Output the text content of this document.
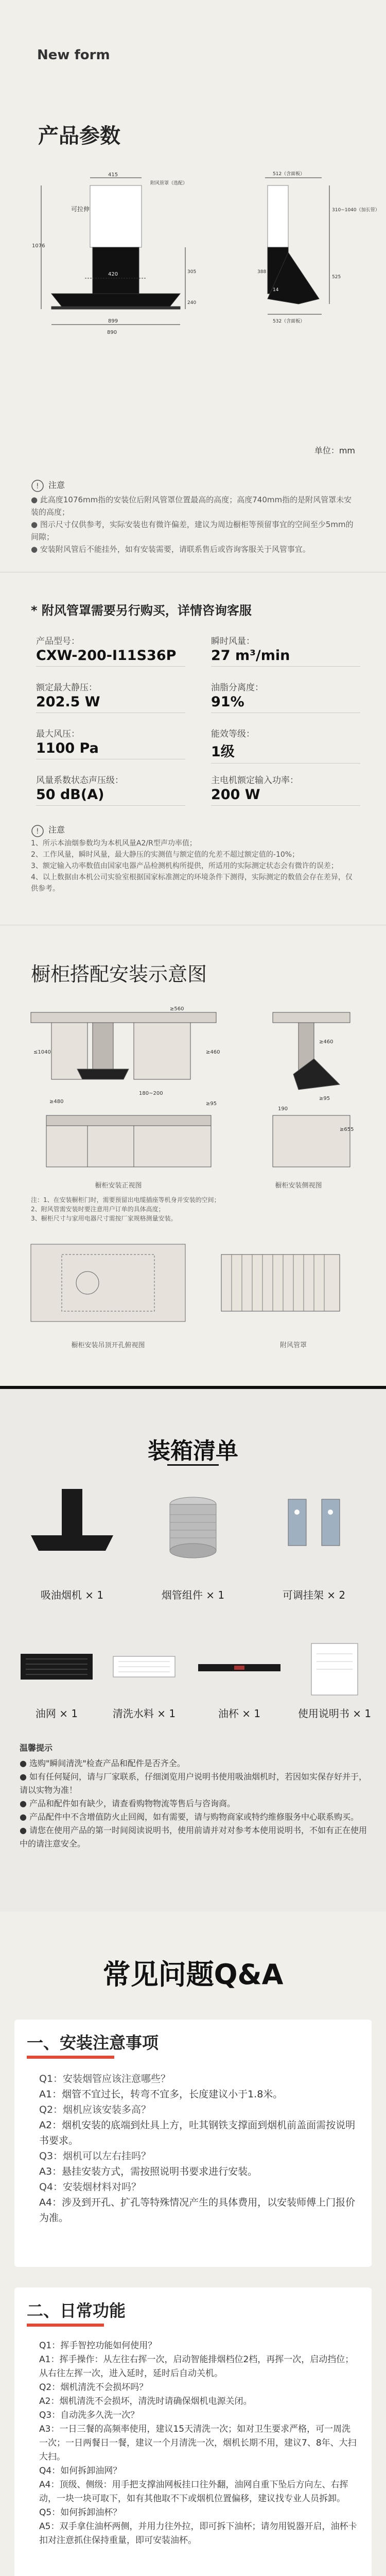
New form
产品参数
415
附风管罩（选配）
可拉伸
1076
420
899
890
305
240
512（含面板）
310~1040（加长管）
525
532（含面板）
388
14
单位：mm
! 注意
● 此高度1076mm指的安装位后附风管罩位置最高的高度；高度740mm指的是附风管罩未安装的高度；
● 图示尺寸仅供参考，实际安装也有微许偏差，建议为周边橱柜等预留事宜的空间至少5mm的间隙；
● 安装附风管后不能挂外，如有安装需要，请联系售后或咨询客服关于风管事宜。
* 附风管罩需要另行购买，详情咨询客服
产品型号：
CXW-200-I11S36P
瞬时风量：
27 m³/min
额定最大静压：
202.5 W
油脂分离度：
91%
最大风压：
1100 Pa
能效等级：
1级
风量系数状态声压级：
50 dB(A)
主电机额定输入功率：
200 W
! 注意
1、所示本油烟参数均为本机风量A2/R型声功率值；
2、工作风量，瞬时风量，最大静压的实测值与额定值的允差不超过额定值的-10%；
3、额定输入功率数值由国家电器产品检测机构所提供，所适用的实际测定状态会有微许的误差；
4、以上数据由本机公司实验室根据国家标准测定的环境条件下测得，实际测定的数值会存在差异，仅供参考。
橱柜搭配安装示意图
≥480
≥560
≤1040
180~200
≥460
≥95
≥460
≥95
≥655
190
橱柜安装正视图	橱柜安装侧视图
注：1、在安装橱柜门时，需要预留出电缆插座等机身并安装的空间；
2、附风管需安装时要注意用户订单的具体高度；
3、橱柜尺寸与家用电器尺寸需按厂家规格测量安装。
橱柜安装吊顶开孔俯视图	附风管罩
装箱清单
吸油烟机 × 1	烟管组件 × 1	可调挂架 × 2
油网 × 1	清洗水料 × 1	油杯 × 1	使用说明书 × 1
温馨提示
● 选购"瞬间清洗"检查产品和配件是否齐全。
● 如有任何疑问，请与厂家联系，仔细浏览用户说明书使用吸油烟机时，若因如实保存好并于，请以实物为准！
● 产品和配件如有缺少，请查看购物物流等售后与咨询商。
● 产品配件中不含增值防火止回阀，如有需要，请与购物商家或特约维修服务中心联系购买。
● 请您在使用产品的第一时间阅读说明书，使用前请并对对参考本使用说明书，不如有正在使用中的请注意安全。
常见问题Q&A
一、安装注意事项
Q1：安装烟管应该注意哪些？
A1：烟管不宜过长，转弯不宜多，长度建议小于1.8米。
Q2：烟机应该安装多高？
A2：烟机安装的底端到灶具上方，吐其钢铁支撑面到烟机前盖面需按说明书要求。
Q3：烟机可以左右挂吗？
A3：悬挂安装方式，需按照说明书要求进行安装。
Q4：安装烟材料对吗？
A4：涉及到开孔、扩孔等特殊情况产生的具体费用，以安装师傅上门报价为准。
二、日常功能
Q1：挥手智控功能如何使用？
A1：挥手操作：从左往右挥一次，启动智能排烟档位2档，再挥一次，启动挡位；从右往左挥一次，进入延时，延时后自动关机。
Q2：烟机清洗不会损坏吗？
A2：烟机清洗不会损坏，清洗时请确保烟机电源关闭。
Q3：自动洗多久洗一次？
A3：一日三餐的高频率使用，建议15天清洗一次；如对卫生要求严格，可一周洗一次；一日两餐日一餐，建议一个月清洗一次，烟机长期不用，建议7、8年、大扫大扫。
Q4：如何拆卸油网？
A4：顶级、侧级：用手把支撑油网板挂口往外翻，油网自重下坠后方向左、右挥动，一块一块可取下，如有其他取不下或烟机位置偏移，建议找专业人员拆卸。
Q5：如何拆卸油杯？
A5：双手拿住油杯两侧，并用力往外拉，即可拆下油杯；请勿用锐器开启，油杯卡扣对注意抓住保持重量，即可安装油杯。
